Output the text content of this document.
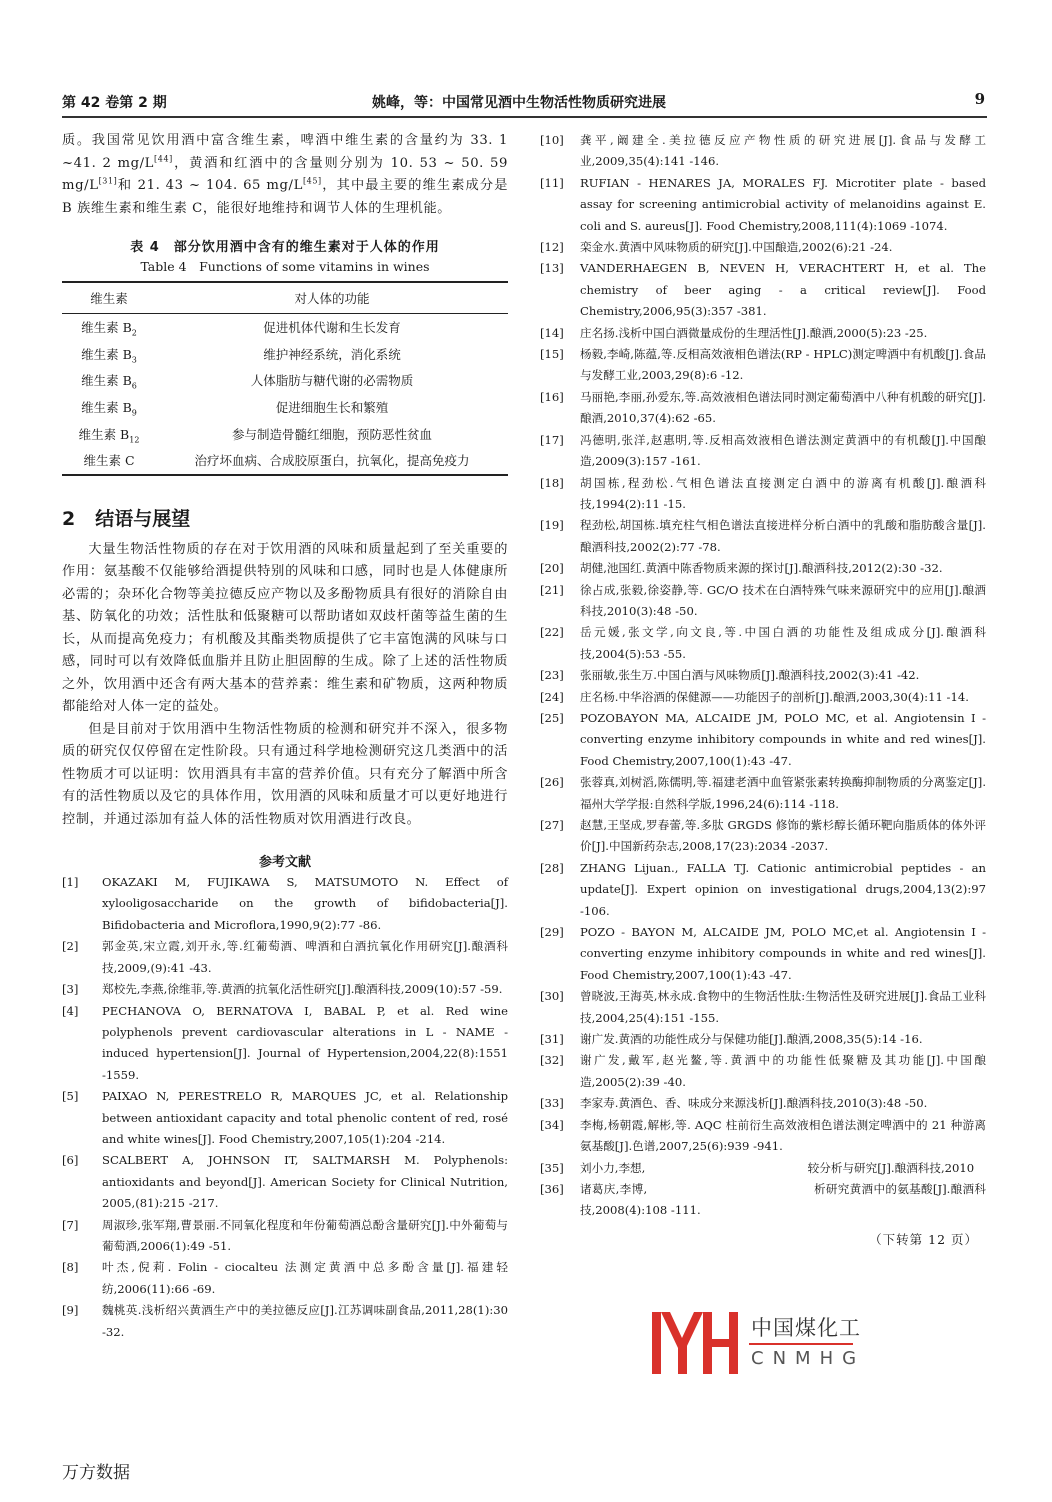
第 42 卷第 2 期	姚峰，等：中国常见酒中生物活性物质研究进展	9

质。我国常见饮用酒中富含维生素，啤酒中维生素的含量约为 33. 1 ~41. 2 mg/L[44]，黄酒和红酒中的含量则分别为 10. 53 ~ 50. 59 mg/L[31]和 21. 43 ~ 104. 65 mg/L[45]，其中最主要的维生素成分是 B 族维生素和维生素 C，能很好地维持和调节人体的生理机能。

表 4　部分饮用酒中含有的维生素对于人体的作用
Table 4　Functions of some vitamins in wines
维生素	对人体的功能
维生素 $B_2$	促进机体代谢和生长发育
维生素 $B_3$	维护神经系统，消化系统
维生素 $B_6$	人体脂肪与糖代谢的必需物质
维生素 $B_9$	促进细胞生长和繁殖
维生素 $B_{12}$	参与制造骨髓红细胞，预防恶性贫血
维生素 C	治疗坏血病、合成胶原蛋白，抗氧化，提高免疫力
2 结语与展望

大量生物活性物质的存在对于饮用酒的风味和质量起到了至关重要的作用：氨基酸不仅能够给酒提供特别的风味和口感，同时也是人体健康所必需的；杂环化合物等美拉德反应产物以及多酚物质具有很好的消除自由基、防氧化的功效；活性肽和低聚糖可以帮助诸如双歧杆菌等益生菌的生长，从而提高免疫力；有机酸及其酯类物质提供了它丰富饱满的风味与口感，同时可以有效降低血脂并且防止胆固醇的生成。除了上述的活性物质之外，饮用酒中还含有两大基本的营养素：维生素和矿物质，这两种物质都能给对人体一定的益处。

但是目前对于饮用酒中生物活性物质的检测和研究并不深入，很多物质的研究仅仅停留在定性阶段。只有通过科学地检测研究这几类酒中的活性物质才可以证明：饮用酒具有丰富的营养价值。只有充分了解酒中所含有的活性物质以及它的具体作用，饮用酒的风味和质量才可以更好地进行控制，并通过添加有益人体的活性物质对饮用酒进行改良。

参考文献
[1]	OKAZAKI M, FUJIKAWA S, MATSUMOTO N. Effect of xylooligosaccharide on the growth of bifidobacteria[J]. Bifidobacteria and Microflora,1990,9(2):77 -86.
[2]	郭金英,宋立霞,刘开永,等.红葡萄酒、啤酒和白酒抗氧化作用研究[J].酿酒科技,2009,(9):41 -43.
[3]	郑校先,李燕,徐维菲,等.黄酒的抗氧化活性研究[J].酿酒科技,2009(10):57 -59.
[4]	PECHANOVA O, BERNATOVA I, BABAL P, et al. Red wine polyphenols prevent cardiovascular alterations in L - NAME - induced hypertension[J]. Journal of Hypertension,2004,22(8):1551 -1559.
[5]	PAIXAO N, PERESTRELO R, MARQUES JC, et al. Relationship between antioxidant capacity and total phenolic content of red, rosé and white wines[J]. Food Chemistry,2007,105(1):204 -214.
[6]	SCALBERT A, JOHNSON IT, SALTMARSH M. Polyphenols: antioxidants and beyond[J]. American Society for Clinical Nutrition, 2005,(81):215 -217.
[7]	周淑珍,张军翔,曹景丽.不同氧化程度和年份葡萄酒总酚含量研究[J].中外葡萄与葡萄酒,2006(1):49 -51.
[8]	叶杰,倪莉. Folin - ciocalteu 法测定黄酒中总多酚含量[J].福建轻纺,2006(11):66 -69.
[9]	魏桃英.浅析绍兴黄酒生产中的美拉德反应[J].江苏调味副食品,2011,28(1):30 -32.
[10]	龚平,阚建全.美拉德反应产物性质的研究进展[J].食品与发酵工业,2009,35(4):141 -146.
[11]	RUFIAN - HENARES JA, MORALES FJ. Microtiter plate - based assay for screening antimicrobial activity of melanoidins against E. coli and S. aureus[J]. Food Chemistry,2008,111(4):1069 -1074.
[12]	栾金水.黄酒中风味物质的研究[J].中国酿造,2002(6):21 -24.
[13]	VANDERHAEGEN B, NEVEN H, VERACHTERT H, et al. The chemistry of beer aging - a critical review[J]. Food Chemistry,2006,95(3):357 -381.
[14]	庄名扬.浅析中国白酒微量成份的生理活性[J].酿酒,2000(5):23 -25.
[15]	杨毅,李崎,陈蕴,等.反相高效液相色谱法(RP - HPLC)测定啤酒中有机酸[J].食品与发酵工业,2003,29(8):6 -12.
[16]	马丽艳,李丽,孙爱东,等.高效液相色谱法同时测定葡萄酒中八种有机酸的研究[J].酿酒,2010,37(4):62 -65.
[17]	冯德明,张洋,赵惠明,等.反相高效液相色谱法测定黄酒中的有机酸[J].中国酿造,2009(3):157 -161.
[18]	胡国栋,程劲松.气相色谱法直接测定白酒中的游离有机酸[J].酿酒科技,1994(2):11 -15.
[19]	程劲松,胡国栋.填充柱气相色谱法直接进样分析白酒中的乳酸和脂肪酸含量[J].酿酒科技,2002(2):77 -78.
[20]	胡健,池国红.黄酒中陈香物质来源的探讨[J].酿酒科技,2012(2):30 -32.
[21]	徐占成,张毅,徐姿静,等. GC/O 技术在白酒特殊气味来源研究中的应用[J].酿酒科技,2010(3):48 -50.
[22]	岳元媛,张文学,向文良,等.中国白酒的功能性及组成成分[J].酿酒科技,2004(5):53 -55.
[23]	张丽敏,张生万.中国白酒与风味物质[J].酿酒科技,2002(3):41 -42.
[24]	庄名杨.中华浴酒的保健源——功能因子的剖析[J].酿酒,2003,30(4):11 -14.
[25]	POZOBAYON MA, ALCAIDE JM, POLO MC, et al. Angiotensin I - converting enzyme inhibitory compounds in white and red wines[J]. Food Chemistry,2007,100(1):43 -47.
[26]	张蓉真,刘树滔,陈儒明,等.福建老酒中血管紧张素转换酶抑制物质的分离鉴定[J].福州大学学报:自然科学版,1996,24(6):114 -118.
[27]	赵慧,王坚成,罗春蕾,等.多肽 GRGDS 修饰的紫杉醇长循环靶向脂质体的体外评价[J].中国新药杂志,2008,17(23):2034 -2037.
[28]	ZHANG Lijuan., FALLA TJ. Cationic antimicrobial peptides - an update[J]. Expert opinion on investigational drugs,2004,13(2):97 -106.
[29]	POZO - BAYON M, ALCAIDE JM, POLO MC,et al. Angiotensin I - converting enzyme inhibitory compounds in white and red wines[J]. Food Chemistry,2007,100(1):43 -47.
[30]	曾晓波,王海英,林永成.食物中的生物活性肽:生物活性及研究进展[J].食品工业科技,2004,25(4):151 -155.
[31]	谢广发.黄酒的功能性成分与保健功能[J].酿酒,2008,35(5):14 -16.
[32]	谢广发,戴军,赵光鳌,等.黄酒中的功能性低聚糖及其功能[J].中国酿造,2005(2):39 -40.
[33]	李家寿.黄酒色、香、味成分来源浅析[J].酿酒科技,2010(3):48 -50.
[34]	李梅,杨朝霞,解彬,等. AQC 柱前衍生高效液相色谱法测定啤酒中的 21 种游离氨基酸[J].色谱,2007,25(6):939 -941.
[35]	刘小力,李想,　　　　　　　　　　　　　　较分析与研究[J].酿酒科技,2010
[36]	诸葛庆,李博,　　　　　　　　　　　　　　析研究黄酒中的氨基酸[J].酿酒科技,2008(4):108 -111.
（下转第 12 页）
中国煤化工
CNMHG
万方数据
